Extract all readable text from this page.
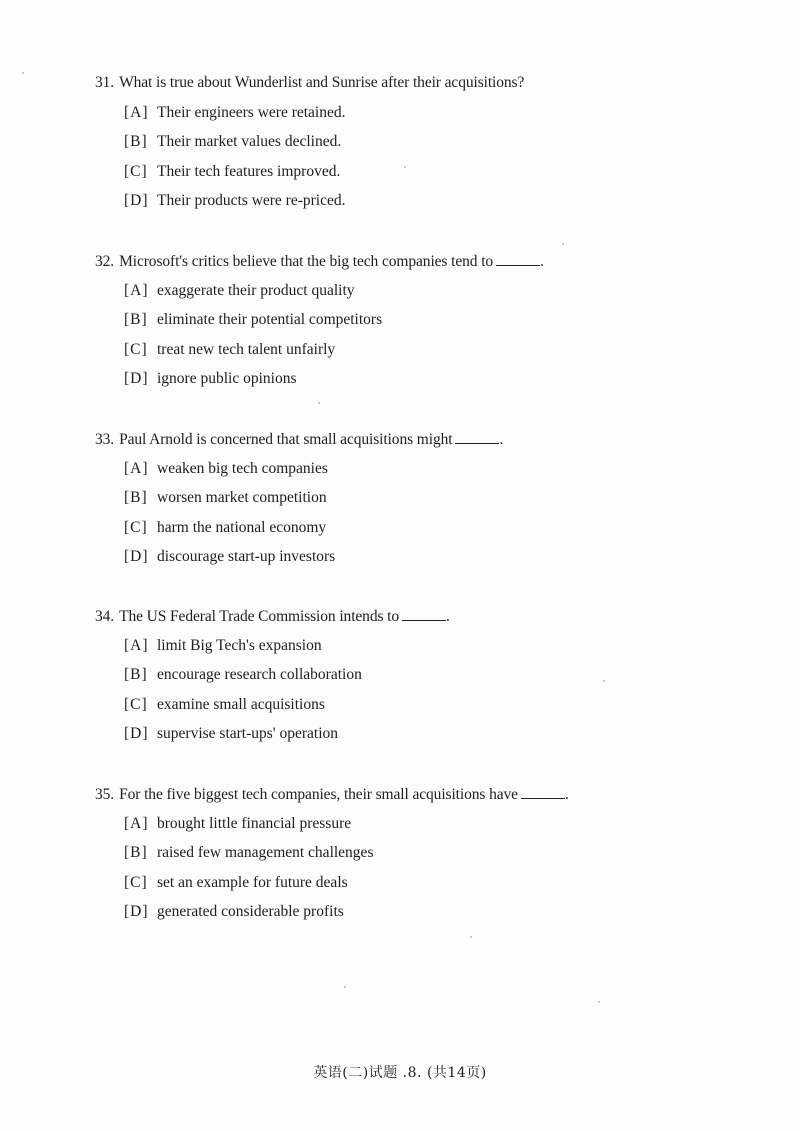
31. What is true about Wunderlist and Sunrise after their acquisitions?
[A] Their engineers were retained.
[B] Their market values declined.
[C] Their tech features improved.
[D] Their products were re-priced.
32. Microsoft's critics believe that the big tech companies tend to	.
[A] exaggerate their product quality
[B] eliminate their potential competitors
[C] treat new tech talent unfairly
[D] ignore public opinions
33. Paul Arnold is concerned that small acquisitions might	.
[A] weaken big tech companies
[B] worsen market competition
[C] harm the national economy
[D] discourage start-up investors
34. The US Federal Trade Commission intends to	.
[A] limit Big Tech's expansion
[B] encourage research collaboration
[C] examine small acquisitions
[D] supervise start-ups' operation
35. For the five biggest tech companies, their small acquisitions have	.
[A] brought little financial pressure
[B] raised few management challenges
[C] set an example for future deals
[D] generated considerable profits
英语(二)试题 .8. (共14页)
